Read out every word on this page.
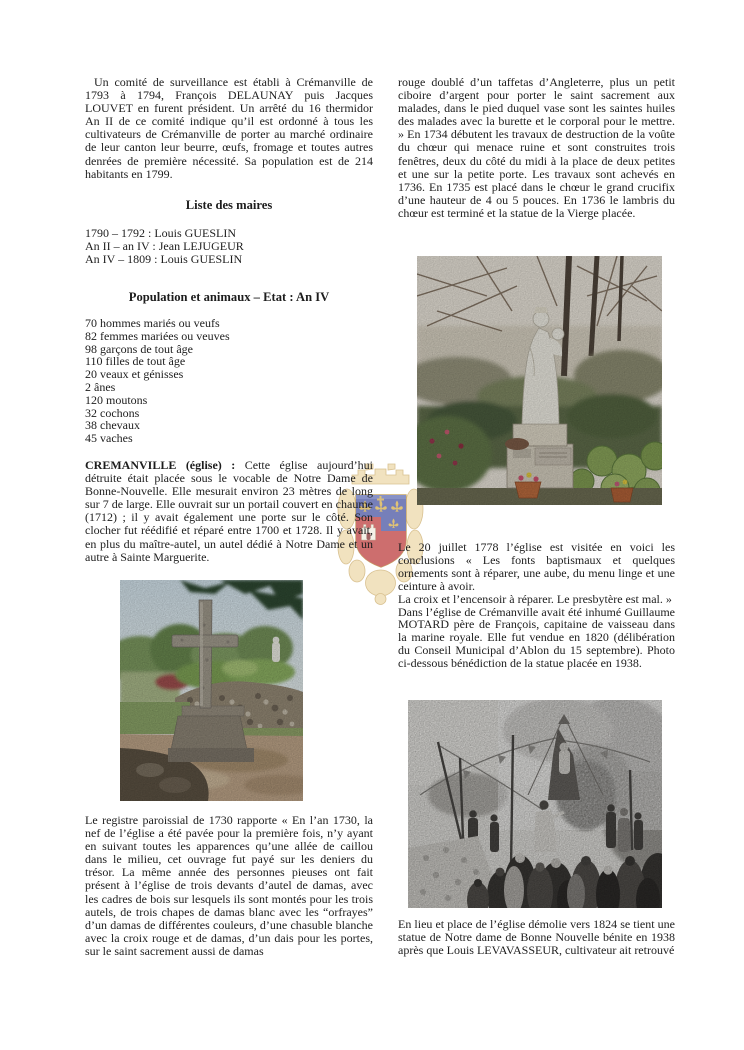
Un comité de surveillance est établi à Crémanville de 1793 à 1794, François DELAUNAY puis Jacques LOUVET en furent président. Un arrêté du 16 thermidor An II de ce comité indique qu’il est ordonné à tous les cultivateurs de Crémanville de porter au marché ordinaire de leur canton leur beurre, œufs, fromage et toutes autres denrées de première nécessité. Sa population est de 214 habitants en 1799.
Liste des maires
1790 – 1792 : Louis GUESLIN
An II – an IV : Jean LEJUGEUR
An IV – 1809 : Louis GUESLIN
Population et animaux – Etat : An IV
70 hommes mariés ou veufs
82 femmes mariées ou veuves
98 garçons de tout âge
110 filles de tout âge
20 veaux et génisses
2 ânes
120 moutons
32 cochons
38 chevaux
45 vaches
CREMANVILLE (église) : Cette église aujourd’hui détruite était placée sous le vocable de Notre Dame de Bonne-Nouvelle. Elle mesurait environ 23 mètres de long sur 7 de large. Elle ouvrait sur un portail couvert en chaume (1712) ; il y avait également une porte sur le côté. Son clocher fut réédifié et réparé entre 1700 et 1728. Il y avait, en plus du maître-autel, un autel dédié à Notre Dame et un autre à Sainte Marguerite.
Le registre paroissial de 1730 rapporte « En l’an 1730, la nef de l’église a été pavée pour la première fois, n’y ayant en suivant toutes les apparences qu’une allée de caillou dans le milieu, cet ouvrage fut payé sur les deniers du trésor. La même année des personnes pieuses ont fait présent à l’église de trois devants d’autel de damas, avec les cadres de bois sur lesquels ils sont montés pour les trois autels, de trois chapes de damas blanc avec les “orfrayes” d’un damas de différentes couleurs, d’une chasuble blanche avec la croix rouge et de damas, d’un dais pour les portes, sur le saint sacrement aussi de damas
rouge doublé d’un taffetas d’Angleterre, plus un petit ciboire d’argent pour porter le saint sacrement aux malades, dans le pied duquel vase sont les saintes huiles des malades avec la burette et le corporal pour le mettre. » En 1734 débutent les travaux de destruction de la voûte du chœur qui menace ruine et sont construites trois fenêtres, deux du côté du midi à la place de deux petites et une sur la petite porte. Les travaux sont achevés en 1736. En 1735 est placé dans le chœur le grand crucifix d’une hauteur de 4 ou 5 pouces. En 1736 le lambris du chœur est terminé et la statue de la Vierge placée.

Le 20 juillet 1778 l’église est visitée en voici les conclusions « Les fonts baptismaux et quelques ornements sont à réparer, une aube, du menu linge et une ceinture à avoir.

La croix et l’encensoir à réparer. Le presbytère est mal. »

Dans l’église de Crémanville avait été inhumé Guillaume MOTARD père de François, capitaine de vaisseau dans la marine royale. Elle fut vendue en 1820 (délibération du Conseil Municipal d’Ablon du 15 septembre). Photo ci-dessous bénédiction de la statue placée en 1938.

En lieu et place de l’église démolie vers 1824 se tient une statue de Notre dame de Bonne Nouvelle bénite en 1938 après que Louis LEVAVASSEUR, cultivateur ait retrouvé
